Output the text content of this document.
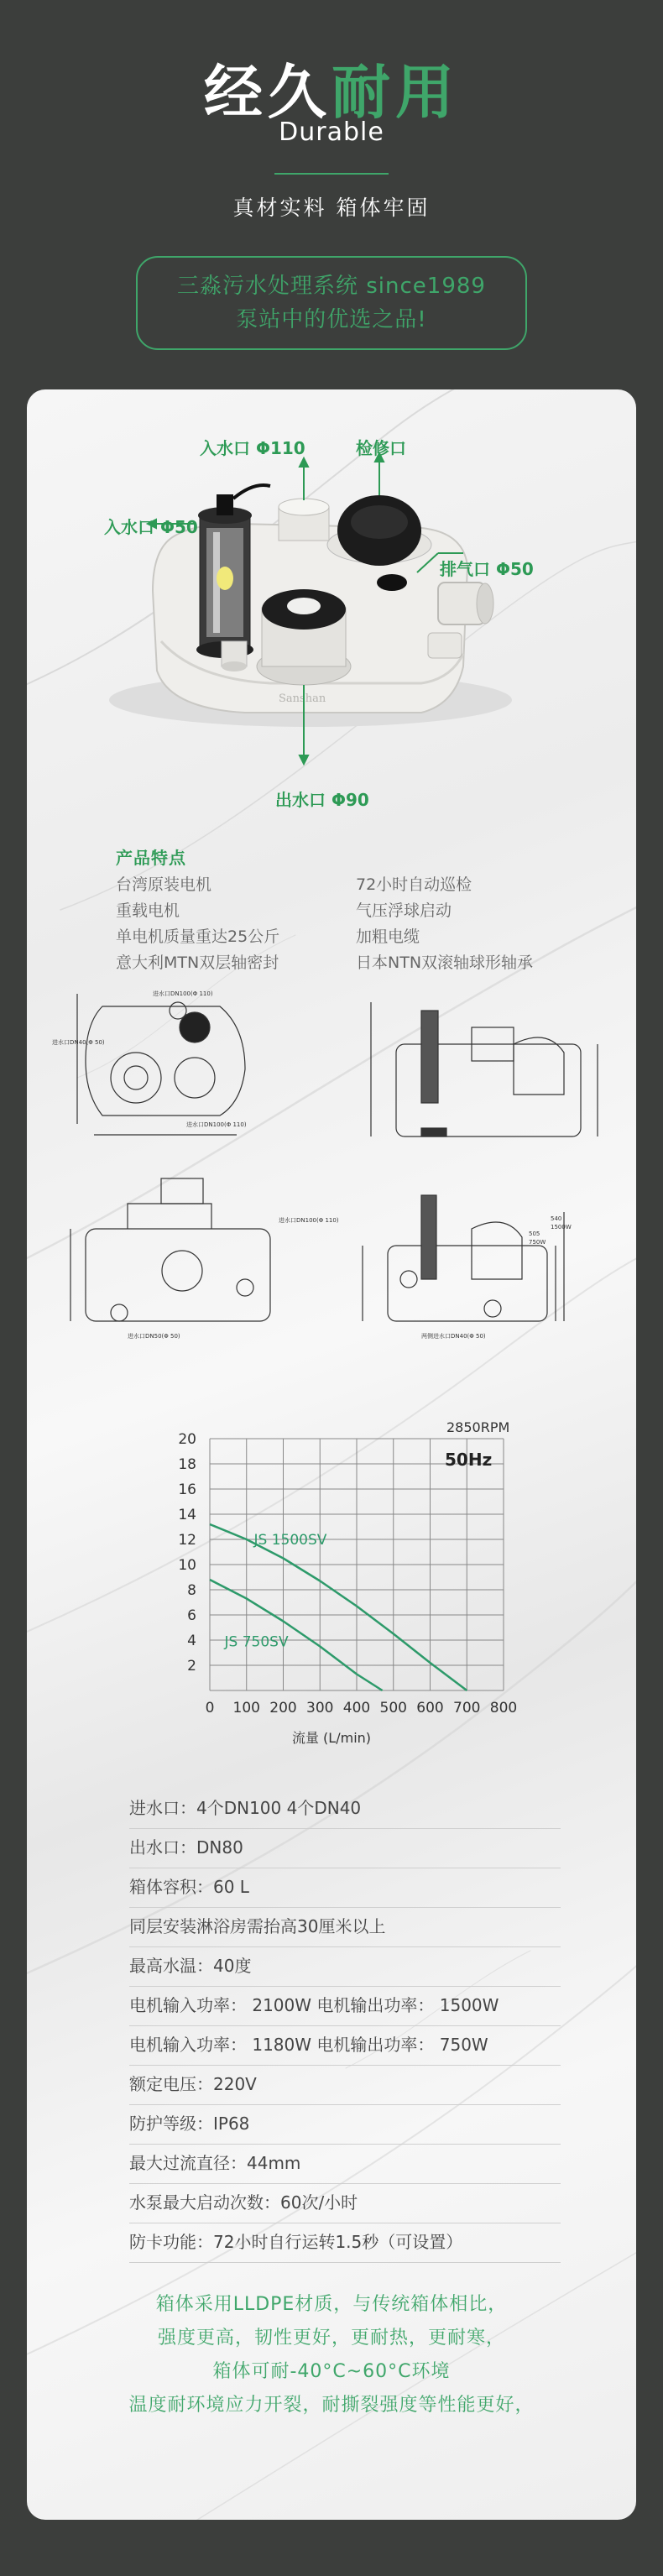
经久耐用
Durable
真材实料 箱体牢固
三淼污水处理系统 since1989
泵站中的优选之品!
Sanshan
入水口 Φ110	检修口
入水口 Φ50
排气口 Φ50
出水口 Φ90
产品特点
台湾原装电机
重载电机
单电机质量重达25公斤
意大利MTN双层轴密封
72小时自动巡检
气压浮球启动
加粗电缆
日本NTN双滚轴球形轴承
进水口DN40(Φ 50)
进水口DN100(Φ 110)
进水口DN100(Φ 110)
进水口DN50(Φ 50)	两侧进水口DN40(Φ 50)
进水口DN100(Φ 110)
505
750W
540
1500W
0 100 200 300 400 500 600 700 800
2
4
6
8
10
12
14
16
18
20
流量 (L/min)
2850RPM
50Hz
JS 1500SV
JS 750SV
进水口：4个DN100 4个DN40
出水口：DN80
箱体容积：60 L
同层安装淋浴房需抬高30厘米以上
最高水温：40度
电机输入功率： 2100W 电机输出功率： 1500W
电机输入功率： 1180W 电机输出功率： 750W
额定电压：220V
防护等级：IP68
最大过流直径：44mm
水泵最大启动次数：60次/小时
防卡功能：72小时自行运转1.5秒（可设置）
箱体采用LLDPE材质，与传统箱体相比，
强度更高，韧性更好，更耐热，更耐寒，
箱体可耐-40°C~60°C环境
温度耐环境应力开裂，耐撕裂强度等性能更好，
